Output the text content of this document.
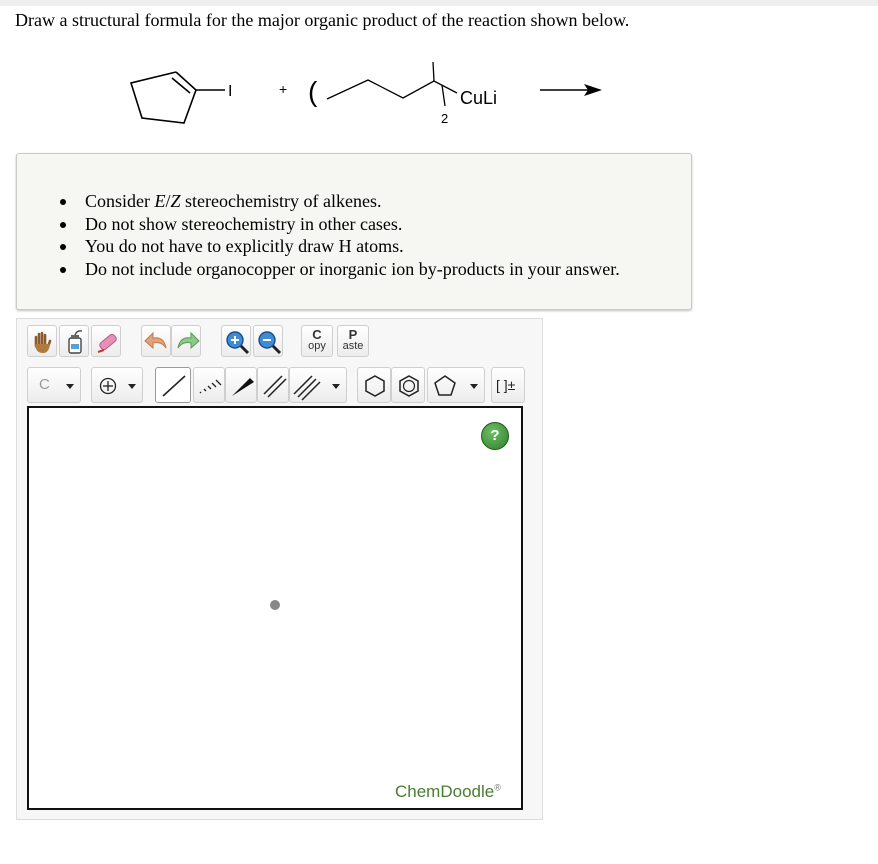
Draw a structural formula for the major organic product of the reaction shown below.
I	+ (
2
CuLi
Consider E/Z stereochemistry of alkenes.
Do not show stereochemistry in other cases.
You do not have to explicitly draw H atoms.
Do not include organocopper or inorganic ion by-products in your answer.
C
opy
P
aste
C	[ ]±
?
ChemDoodle®
